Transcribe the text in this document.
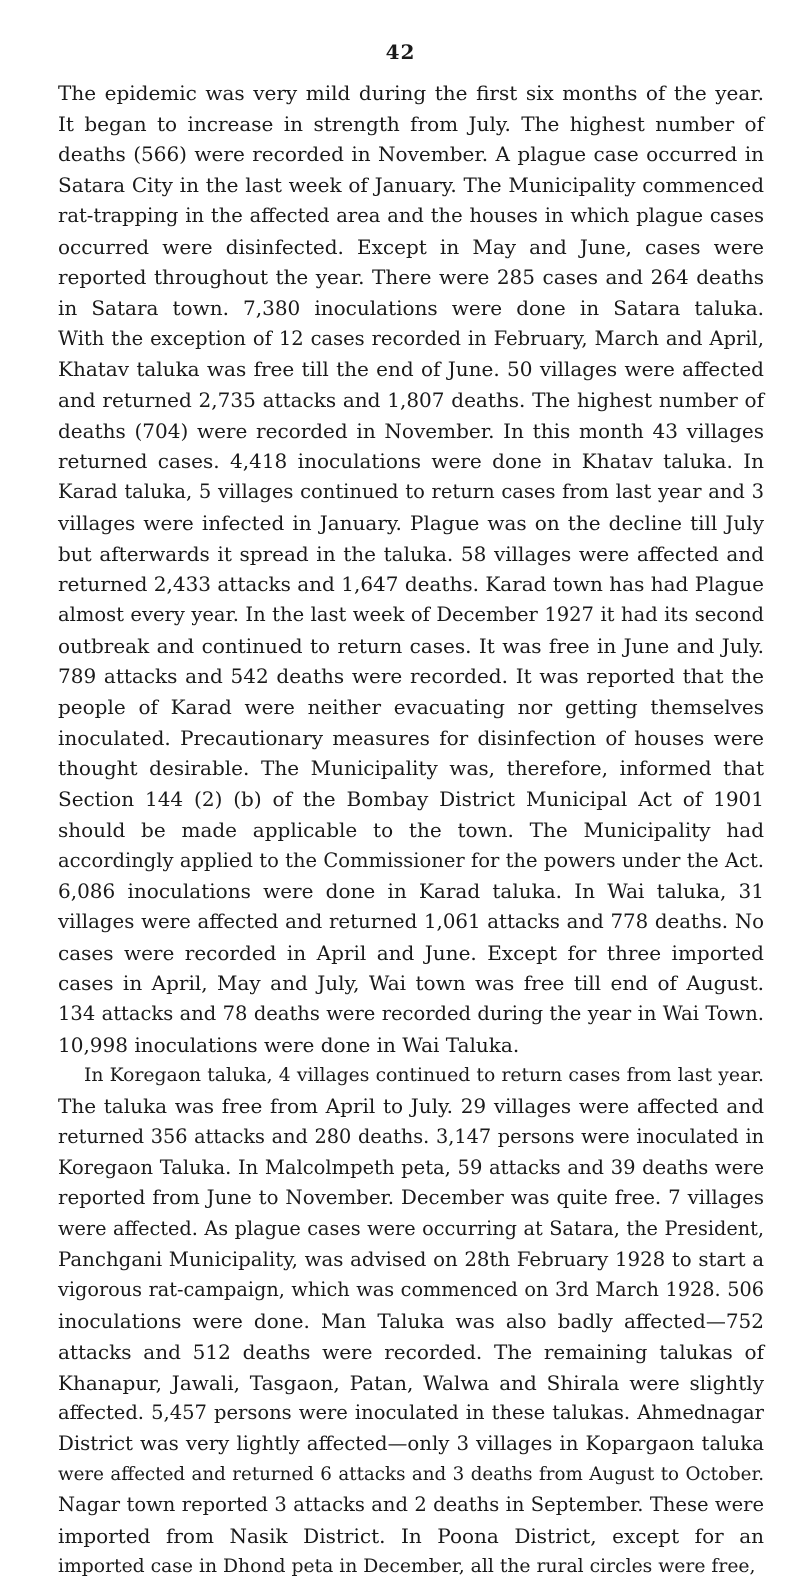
42
The epidemic was very mild during the first six months of the year.
It began to increase in strength from July. The highest number of
deaths (566) were recorded in November. A plague case occurred in
Satara City in the last week of January. The Municipality commenced
rat-trapping in the affected area and the houses in which plague cases
occurred were disinfected. Except in May and June, cases were
reported throughout the year. There were 285 cases and 264 deaths
in Satara town. 7,380 inoculations were done in Satara taluka.
With the exception of 12 cases recorded in February, March and April,
Khatav taluka was free till the end of June. 50 villages were affected
and returned 2,735 attacks and 1,807 deaths. The highest number of
deaths (704) were recorded in November. In this month 43 villages
returned cases. 4,418 inoculations were done in Khatav taluka. In
Karad taluka, 5 villages continued to return cases from last year and 3
villages were infected in January. Plague was on the decline till July
but afterwards it spread in the taluka. 58 villages were affected and
returned 2,433 attacks and 1,647 deaths. Karad town has had Plague
almost every year. In the last week of December 1927 it had its second
outbreak and continued to return cases. It was free in June and July.
789 attacks and 542 deaths were recorded. It was reported that the
people of Karad were neither evacuating nor getting themselves
inoculated. Precautionary measures for disinfection of houses were
thought desirable. The Municipality was, therefore, informed that
Section 144 (2) (b) of the Bombay District Municipal Act of 1901
should be made applicable to the town. The Municipality had
accordingly applied to the Commissioner for the powers under the Act.
6,086 inoculations were done in Karad taluka. In Wai taluka, 31
villages were affected and returned 1,061 attacks and 778 deaths. No
cases were recorded in April and June. Except for three imported
cases in April, May and July, Wai town was free till end of August.
134 attacks and 78 deaths were recorded during the year in Wai Town.
10,998 inoculations were done in Wai Taluka.
In Koregaon taluka, 4 villages continued to return cases from last year.
The taluka was free from April to July. 29 villages were affected and
returned 356 attacks and 280 deaths. 3,147 persons were inoculated in
Koregaon Taluka. In Malcolmpeth peta, 59 attacks and 39 deaths were
reported from June to November. December was quite free. 7 villages
were affected. As plague cases were occurring at Satara, the President,
Panchgani Municipality, was advised on 28th February 1928 to start a
vigorous rat-campaign, which was commenced on 3rd March 1928. 506
inoculations were done. Man Taluka was also badly affected—752
attacks and 512 deaths were recorded. The remaining talukas of
Khanapur, Jawali, Tasgaon, Patan, Walwa and Shirala were slightly
affected. 5,457 persons were inoculated in these talukas. Ahmednagar
District was very lightly affected—only 3 villages in Kopargaon taluka
were affected and returned 6 attacks and 3 deaths from August to October.
Nagar town reported 3 attacks and 2 deaths in September. These were
imported from Nasik District. In Poona District, except for an
imported case in Dhond peta in December, all the rural circles were free,
